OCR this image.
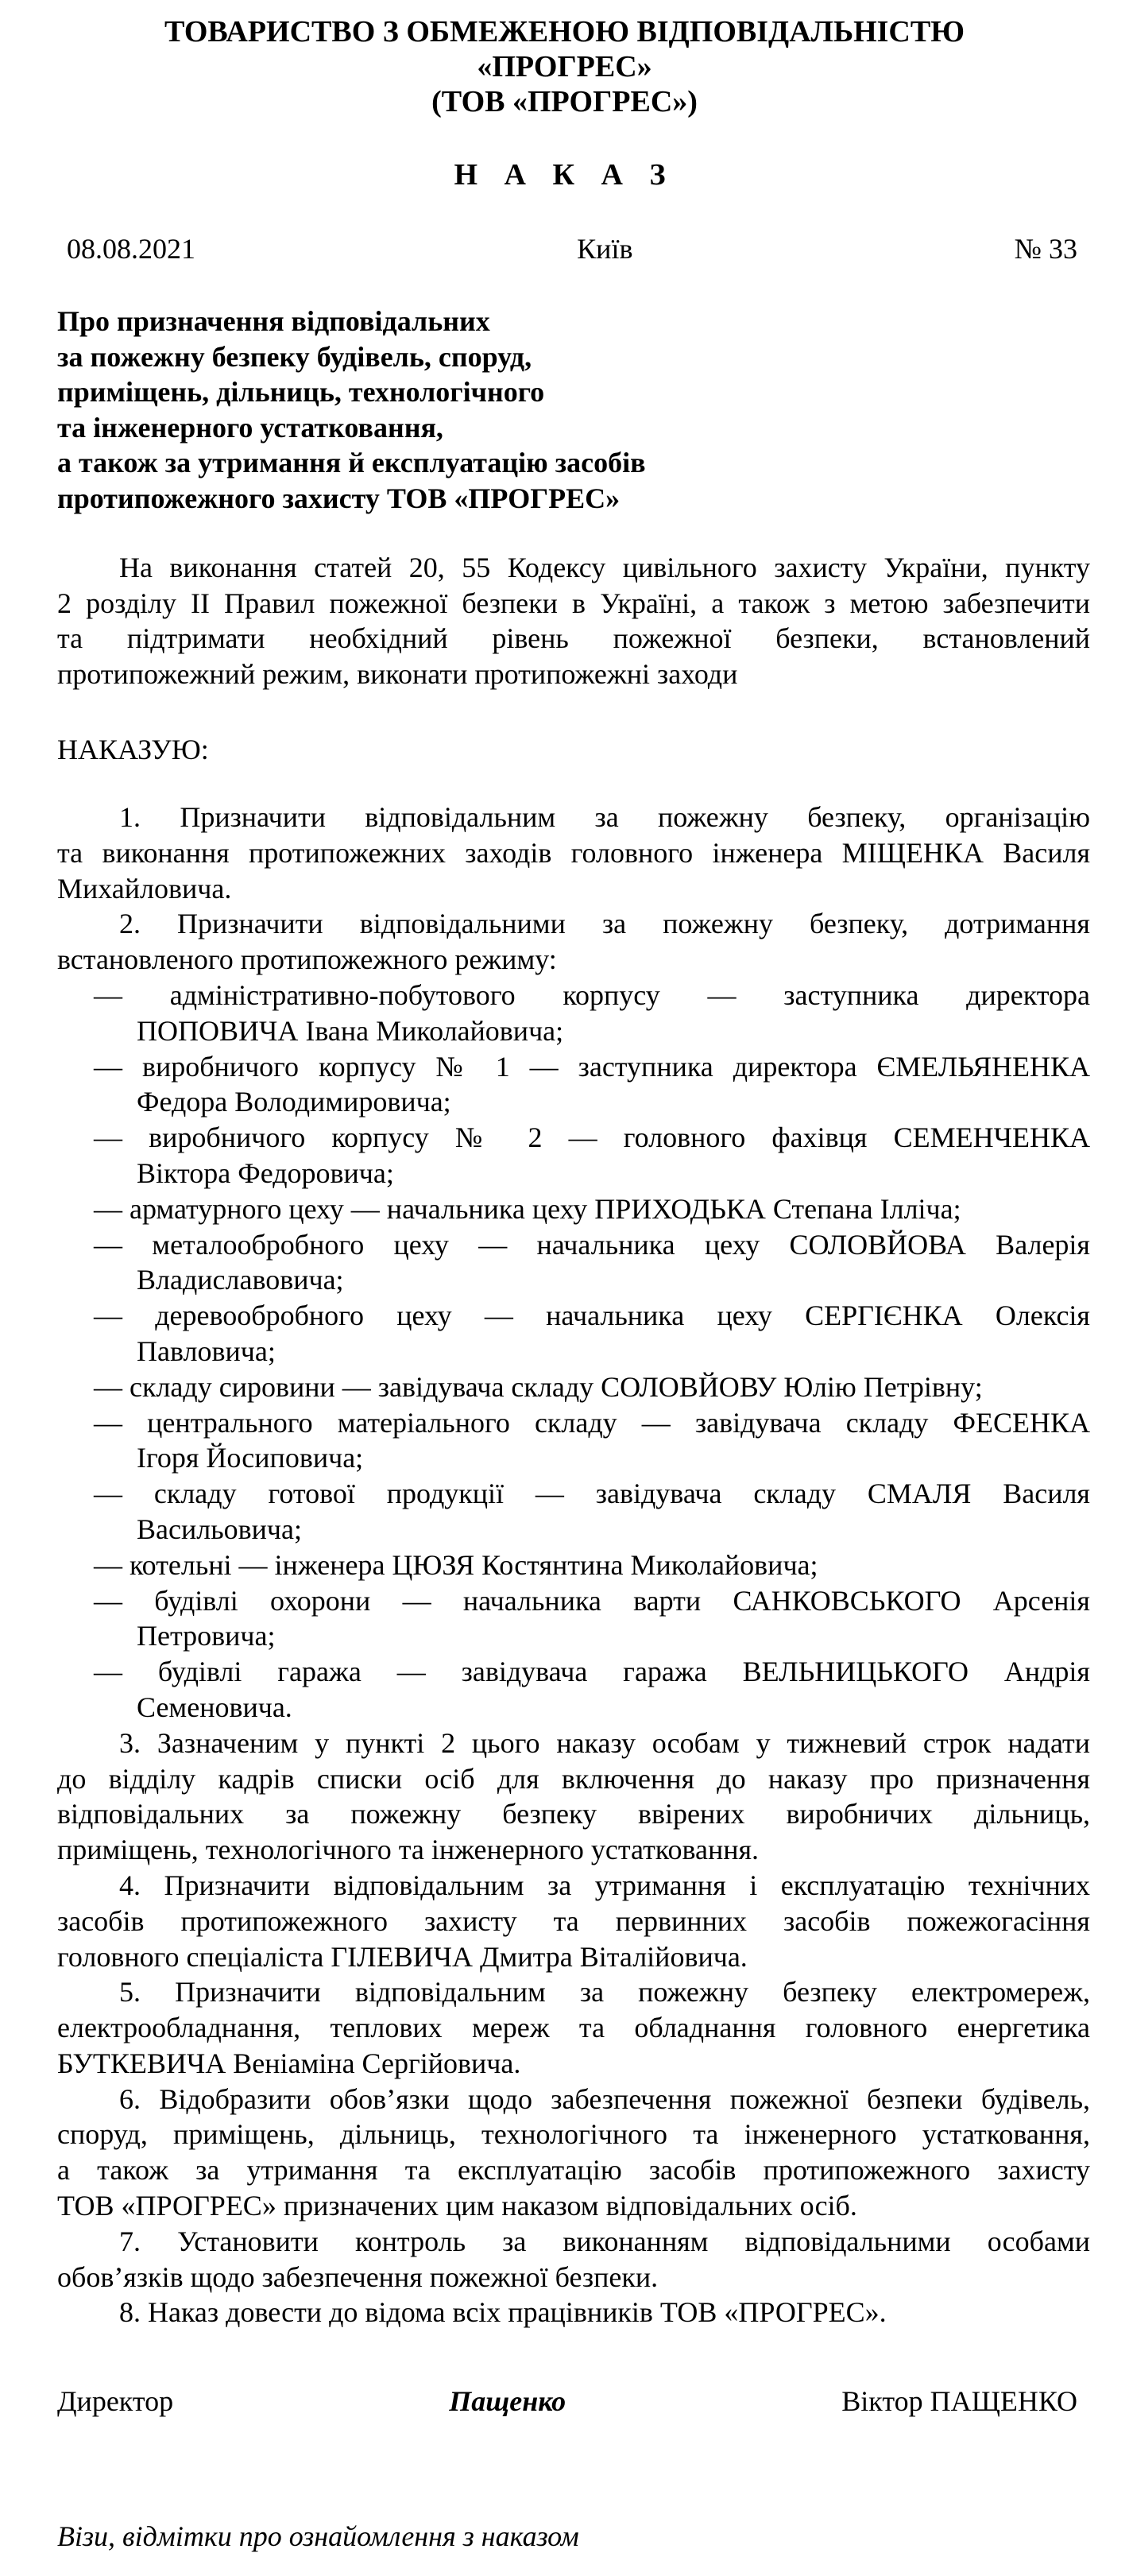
ТОВАРИСТВО З ОБМЕЖЕНОЮ ВІДПОВІДАЛЬНІСТЮ
«ПРОГРЕС»
(ТОВ «ПРОГРЕС»)
Н А К А З
08.08.2021	Київ	№ 33
Про призначення відповідальних
за пожежну безпеку будівель, споруд,
приміщень, дільниць, технологічного
та інженерного устатковання,
а також за утримання й експлуатацію засобів
протипожежного захисту ТОВ «ПРОГРЕС»
На виконання статей 20, 55 Кодексу цивільного захисту України, пункту
2 розділу ІІ Правил пожежної безпеки в Україні, а також з метою забезпечити
та підтримати необхідний рівень пожежної безпеки, встановлений
протипожежний режим, виконати протипожежні заходи
НАКАЗУЮ:
1. Призначити відповідальним за пожежну безпеку, організацію
та виконання протипожежних заходів головного інженера МІЩЕНКА Василя
Михайловича.
2. Призначити відповідальними за пожежну безпеку, дотримання
встановленого протипожежного режиму:
— адміністративно-побутового корпусу — заступника директора
ПОПОВИЧА Івана Миколайовича;
— виробничого корпусу № 1 — заступника директора ЄМЕЛЬЯНЕНКА
Федора Володимировича;
— виробничого корпусу № 2 — головного фахівця СЕМЕНЧЕНКА
Віктора Федоровича;
— арматурного цеху — начальника цеху ПРИХОДЬКА Степана Ілліча;
— металообробного цеху — начальника цеху СОЛОВЙОВА Валерія
Владиславовича;
— деревообробного цеху — начальника цеху СЕРГІЄНКА Олексія
Павловича;
— складу сировини — завідувача складу СОЛОВЙОВУ Юлію Петрівну;
— центрального матеріального складу — завідувача складу ФЕСЕНКА
Ігоря Йосиповича;
— складу готової продукції — завідувача складу СМАЛЯ Василя
Васильовича;
— котельні — інженера ЦЮЗЯ Костянтина Миколайовича;
— будівлі охорони — начальника варти САНКОВСЬКОГО Арсенія
Петровича;
— будівлі гаража — завідувача гаража ВЕЛЬНИЦЬКОГО Андрія
Семеновича.
3. Зазначеним у пункті 2 цього наказу особам у тижневий строк надати
до відділу кадрів списки осіб для включення до наказу про призначення
відповідальних за пожежну безпеку ввірених виробничих дільниць,
приміщень, технологічного та інженерного устатковання.
4. Призначити відповідальним за утримання і експлуатацію технічних
засобів протипожежного захисту та первинних засобів пожежогасіння
головного спеціаліста ГІЛЕВИЧА Дмитра Віталійовича.
5. Призначити відповідальним за пожежну безпеку електромереж,
електрообладнання, теплових мереж та обладнання головного енергетика
БУТКЕВИЧА Веніаміна Сергійовича.
6. Відобразити обов’язки щодо забезпечення пожежної безпеки будівель,
споруд, приміщень, дільниць, технологічного та інженерного устатковання,
а також за утримання та експлуатацію засобів протипожежного захисту
ТОВ «ПРОГРЕС» призначених цим наказом відповідальних осіб.
7. Установити контроль за виконанням відповідальними особами
обов’язків щодо забезпечення пожежної безпеки.
8. Наказ довести до відома всіх працівників ТОВ «ПРОГРЕС».
Директор	Пащенко	Віктор ПАЩЕНКО
Візи, відмітки про ознайомлення з наказом
